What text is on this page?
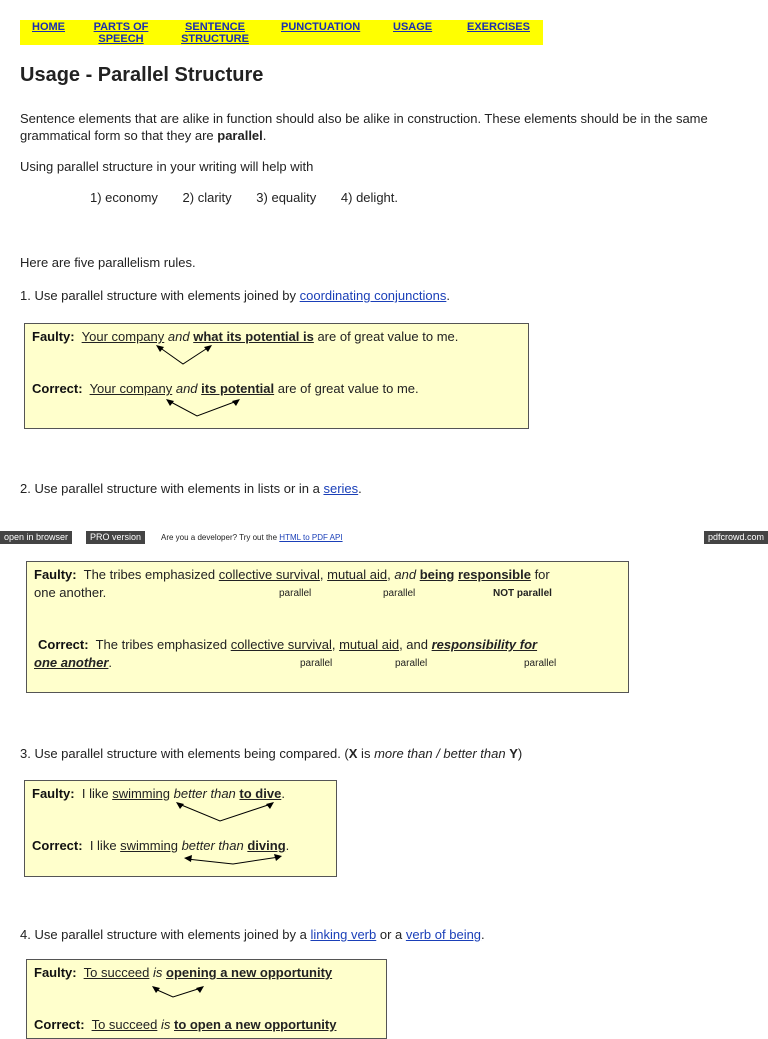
HOME	PARTS OF SPEECH
SENTENCE STRUCTURE
PUNCTUATION	USAGE	EXERCISES
Usage - Parallel Structure

Sentence elements that are alike in function should also be alike in construction. These elements should be in the same grammatical form so that they are parallel.

Using parallel structure in your writing will help with

1) economy 2) clarity 3) equality 4) delight.

Here are five parallelism rules.

1. Use parallel structure with elements joined by coordinating conjunctions.

Faulty: Your company and what its potential is are of great value to me.
Correct: Your company and its potential are of great value to me.

2. Use parallel structure with elements in lists or in a series.

open in browser	PRO version	Are you a developer? Try out the HTML to PDF API	pdfcrowd.com
Faulty: The tribes emphasized collective survival, mutual aid, and being responsible for
one another.	parallel	parallel	NOT parallel
Correct: The tribes emphasized collective survival, mutual aid, and responsibility for
one another.	parallel	parallel	parallel

3. Use parallel structure with elements being compared. (X is more than / better than Y)

Faulty: I like swimming better than to dive.
Correct: I like swimming better than diving.

4. Use parallel structure with elements joined by a linking verb or a verb of being.

Faulty: To succeed is opening a new opportunity
Correct: To succeed is to open a new opportunity
